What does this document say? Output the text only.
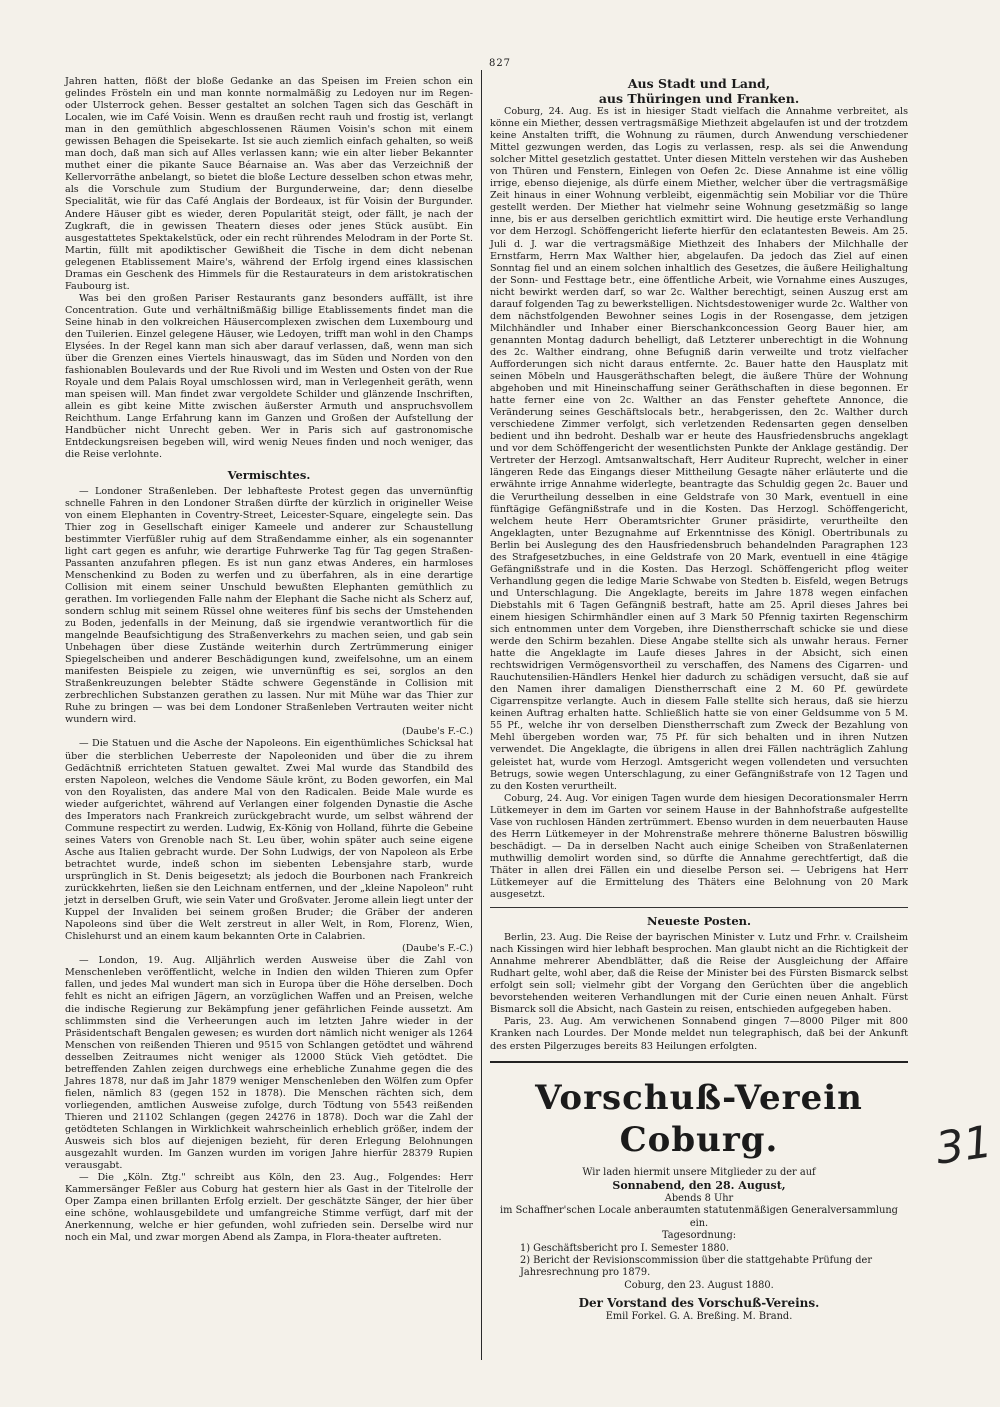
827

Jahren hatten, flößt der bloße Gedanke an das Speisen im Freien schon ein gelindes Frösteln ein und man konnte normalmäßig zu Ledoyen nur im Regen- oder Ulsterrock gehen. Besser gestaltet an solchen Tagen sich das Geschäft in Localen, wie im Café Voisin. Wenn es draußen recht rauh und frostig ist, verlangt man in den gemüthlich abgeschlossenen Räumen Voisin's schon mit einem gewissen Behagen die Speisekarte. Ist sie auch ziemlich einfach gehalten, so weiß man doch, daß man sich auf Alles verlassen kann; wie ein alter lieber Bekannter muthet einer die pikante Sauce Béarnaise an. Was aber das Verzeichniß der Kellervorräthe anbelangt, so bietet die bloße Lecture desselben schon etwas mehr, als die Vorschule zum Studium der Burgunderweine, dar; denn dieselbe Specialität, wie für das Café Anglais der Bordeaux, ist für Voisin der Burgunder. Andere Häuser gibt es wieder, deren Popularität steigt, oder fällt, je nach der Zugkraft, die in gewissen Theatern dieses oder jenes Stück ausübt. Ein ausgestattetes Spektakelstück, oder ein recht rührendes Melodram in der Porte St. Martin, füllt mit apodiktischer Gewißheit die Tische in dem dicht nebenan gelegenen Etablissement Maire's, während der Erfolg irgend eines klassischen Dramas ein Geschenk des Himmels für die Restaurateurs in dem aristokratischen Faubourg ist.

Was bei den großen Pariser Restaurants ganz besonders auffällt, ist ihre Concentration. Gute und verhältnißmäßig billige Etablissements findet man die Seine hinab in den volkreichen Häusercomplexen zwischen dem Luxembourg und den Tuilerien. Einzel gelegene Häuser, wie Ledoyen, trifft man wohl in den Champs Elysées. In der Regel kann man sich aber darauf verlassen, daß, wenn man sich über die Grenzen eines Viertels hinauswagt, das im Süden und Norden von den fashionablen Boulevards und der Rue Rivoli und im Westen und Osten von der Rue Royale und dem Palais Royal umschlossen wird, man in Verlegenheit geräth, wenn man speisen will. Man findet zwar vergoldete Schilder und glänzende Inschriften, allein es gibt keine Mitte zwischen äußerster Armuth und anspruchsvollem Reichthum. Lange Erfahrung kann im Ganzen und Großen der Aufstellung der Handbücher nicht Unrecht geben. Wer in Paris sich auf gastronomische Entdeckungsreisen begeben will, wird wenig Neues finden und noch weniger, das die Reise verlohnte.

Vermischtes.

— Londoner Straßenleben. Der lebhafteste Protest gegen das unvernünftig schnelle Fahren in den Londoner Straßen dürfte der kürzlich in origineller Weise von einem Elephanten in Coventry-Street, Leicester-Square, eingelegte sein. Das Thier zog in Gesellschaft einiger Kameele und anderer zur Schaustellung bestimmter Vierfüßler ruhig auf dem Straßendamme einher, als ein sogenannter light cart gegen es anfuhr, wie derartige Fuhrwerke Tag für Tag gegen Straßen-Passanten anzufahren pflegen. Es ist nun ganz etwas Anderes, ein harmloses Menschenkind zu Boden zu werfen und zu überfahren, als in eine derartige Collision mit einem seiner Unschuld bewußten Elephanten gemüthlich zu gerathen. Im vorliegenden Falle nahm der Elephant die Sache nicht als Scherz auf, sondern schlug mit seinem Rüssel ohne weiteres fünf bis sechs der Umstehenden zu Boden, jedenfalls in der Meinung, daß sie irgendwie verantwortlich für die mangelnde Beaufsichtigung des Straßenverkehrs zu machen seien, und gab sein Unbehagen über diese Zustände weiterhin durch Zertrümmerung einiger Spiegelscheiben und anderer Beschädigungen kund, zweifelsohne, um an einem manifesten Beispiele zu zeigen, wie unvernünftig es sei, sorglos an den Straßenkreuzungen belebter Städte schwere Gegenstände in Collision mit zerbrechlichen Substanzen gerathen zu lassen. Nur mit Mühe war das Thier zur Ruhe zu bringen — was bei dem Londoner Straßenleben Vertrauten weiter nicht wundern wird.

(Daube's F.-C.)

— Die Statuen und die Asche der Napoleons. Ein eigenthümliches Schicksal hat über die sterblichen Ueberreste der Napoleoniden und über die zu ihrem Gedächtniß errichteten Statuen gewaltet. Zwei Mal wurde das Standbild des ersten Napoleon, welches die Vendome Säule krönt, zu Boden geworfen, ein Mal von den Royalisten, das andere Mal von den Radicalen. Beide Male wurde es wieder aufgerichtet, während auf Verlangen einer folgenden Dynastie die Asche des Imperators nach Frankreich zurückgebracht wurde, um selbst während der Commune respectirt zu werden. Ludwig, Ex-König von Holland, führte die Gebeine seines Vaters von Grenoble nach St. Leu über, wohin später auch seine eigene Asche aus Italien gebracht wurde. Der Sohn Ludwigs, der von Napoleon als Erbe betrachtet wurde, indeß schon im siebenten Lebensjahre starb, wurde ursprünglich in St. Denis beigesetzt; als jedoch die Bourbonen nach Frankreich zurückkehrten, ließen sie den Leichnam entfernen, und der „kleine Napoleon" ruht jetzt in derselben Gruft, wie sein Vater und Großvater. Jerome allein liegt unter der Kuppel der Invaliden bei seinem großen Bruder; die Gräber der anderen Napoleons sind über die Welt zerstreut in aller Welt, in Rom, Florenz, Wien, Chislehurst und an einem kaum bekannten Orte in Calabrien.

(Daube's F.-C.)

— London, 19. Aug. Alljährlich werden Ausweise über die Zahl von Menschenleben veröffentlicht, welche in Indien den wilden Thieren zum Opfer fallen, und jedes Mal wundert man sich in Europa über die Höhe derselben. Doch fehlt es nicht an eifrigen Jägern, an vorzüglichen Waffen und an Preisen, welche die indische Regierung zur Bekämpfung jener gefährlichen Feinde aussetzt. Am schlimmsten sind die Verheerungen auch im letzten Jahre wieder in der Präsidentschaft Bengalen gewesen; es wurden dort nämlich nicht weniger als 1264 Menschen von reißenden Thieren und 9515 von Schlangen getödtet und während desselben Zeitraumes nicht weniger als 12000 Stück Vieh getödtet. Die betreffenden Zahlen zeigen durchwegs eine erhebliche Zunahme gegen die des Jahres 1878, nur daß im Jahr 1879 weniger Menschenleben den Wölfen zum Opfer fielen, nämlich 83 (gegen 152 in 1878). Die Menschen rächten sich, dem vorliegenden, amtlichen Ausweise zufolge, durch Tödtung von 5543 reißenden Thieren und 21102 Schlangen (gegen 24276 in 1878). Doch war die Zahl der getödteten Schlangen in Wirklichkeit wahrscheinlich erheblich größer, indem der Ausweis sich blos auf diejenigen bezieht, für deren Erlegung Belohnungen ausgezahlt wurden. Im Ganzen wurden im vorigen Jahre hierfür 28379 Rupien verausgabt.

— Die „Köln. Ztg." schreibt aus Köln, den 23. Aug., Folgendes: Herr Kammersänger Feßler aus Coburg hat gestern hier als Gast in der Titelrolle der Oper Zampa einen brillanten Erfolg erzielt. Der geschätzte Sänger, der hier über eine schöne, wohlausgebildete und umfangreiche Stimme verfügt, darf mit der Anerkennung, welche er hier gefunden, wohl zufrieden sein. Derselbe wird nur noch ein Mal, und zwar morgen Abend als Zampa, in Flora-theater auftreten.

Aus Stadt und Land,
aus Thüringen und Franken.

Coburg, 24. Aug. Es ist in hiesiger Stadt vielfach die Annahme verbreitet, als könne ein Miether, dessen vertragsmäßige Miethzeit abgelaufen ist und der trotzdem keine Anstalten trifft, die Wohnung zu räumen, durch Anwendung verschiedener Mittel gezwungen werden, das Logis zu verlassen, resp. als sei die Anwendung solcher Mittel gesetzlich gestattet. Unter diesen Mitteln verstehen wir das Ausheben von Thüren und Fenstern, Einlegen von Oefen 2c. Diese Annahme ist eine völlig irrige, ebenso diejenige, als dürfe einem Miether, welcher über die vertragsmäßige Zeit hinaus in einer Wohnung verbleibt, eigenmächtig sein Mobiliar vor die Thüre gestellt werden. Der Miether hat vielmehr seine Wohnung gesetzmäßig so lange inne, bis er aus derselben gerichtlich exmittirt wird. Die heutige erste Verhandlung vor dem Herzogl. Schöffengericht lieferte hierfür den eclatantesten Beweis. Am 25. Juli d. J. war die vertragsmäßige Miethzeit des Inhabers der Milchhalle der Ernstfarm, Herrn Max Walther hier, abgelaufen. Da jedoch das Ziel auf einen Sonntag fiel und an einem solchen inhaltlich des Gesetzes, die äußere Heilighaltung der Sonn- und Festtage betr., eine öffentliche Arbeit, wie Vornahme eines Auszuges, nicht bewirkt werden darf, so war 2c. Walther berechtigt, seinen Auszug erst am darauf folgenden Tag zu bewerkstelligen. Nichtsdestoweniger wurde 2c. Walther von dem nächstfolgenden Bewohner seines Logis in der Rosengasse, dem jetzigen Milchhändler und Inhaber einer Bierschankconcession Georg Bauer hier, am genannten Montag dadurch behelligt, daß Letzterer unberechtigt in die Wohnung des 2c. Walther eindrang, ohne Befugniß darin verweilte und trotz vielfacher Aufforderungen sich nicht daraus entfernte. 2c. Bauer hatte den Hausplatz mit seinen Möbeln und Hausgeräthschaften belegt, die äußere Thüre der Wohnung abgehoben und mit Hineinschaffung seiner Geräthschaften in diese begonnen. Er hatte ferner eine von 2c. Walther an das Fenster geheftete Annonce, die Veränderung seines Geschäftslocals betr., herabgerissen, den 2c. Walther durch verschiedene Zimmer verfolgt, sich verletzenden Redensarten gegen denselben bedient und ihn bedroht. Deshalb war er heute des Hausfriedensbruchs angeklagt und vor dem Schöffengericht der wesentlichsten Punkte der Anklage geständig. Der Vertreter der Herzogl. Amtsanwaltschaft, Herr Auditeur Ruprecht, welcher in einer längeren Rede das Eingangs dieser Mittheilung Gesagte näher erläuterte und die erwähnte irrige Annahme widerlegte, beantragte das Schuldig gegen 2c. Bauer und die Verurtheilung desselben in eine Geldstrafe von 30 Mark, eventuell in eine fünftägige Gefängnißstrafe und in die Kosten. Das Herzogl. Schöffengericht, welchem heute Herr Oberamtsrichter Gruner präsidirte, verurtheilte den Angeklagten, unter Bezugnahme auf Erkenntnisse des Königl. Obertribunals zu Berlin bei Auslegung des den Hausfriedensbruch behandelnden Paragraphen 123 des Strafgesetzbuches, in eine Geldstrafe von 20 Mark, eventuell in eine 4tägige Gefängnißstrafe und in die Kosten. Das Herzogl. Schöffengericht pflog weiter Verhandlung gegen die ledige Marie Schwabe von Stedten b. Eisfeld, wegen Betrugs und Unterschlagung. Die Angeklagte, bereits im Jahre 1878 wegen einfachen Diebstahls mit 6 Tagen Gefängniß bestraft, hatte am 25. April dieses Jahres bei einem hiesigen Schirmhändler einen auf 3 Mark 50 Pfennig taxirten Regenschirm sich entnommen unter dem Vorgeben, ihre Dienstherrschaft schicke sie und diese werde den Schirm bezahlen. Diese Angabe stellte sich als unwahr heraus. Ferner hatte die Angeklagte im Laufe dieses Jahres in der Absicht, sich einen rechtswidrigen Vermögensvortheil zu verschaffen, des Namens des Cigarren- und Rauchutensilien-Händlers Henkel hier dadurch zu schädigen versucht, daß sie auf den Namen ihrer damaligen Dienstherrschaft eine 2 M. 60 Pf. gewürdete Cigarrenspitze verlangte. Auch in diesem Falle stellte sich heraus, daß sie hierzu keinen Auftrag erhalten hatte. Schließlich hatte sie von einer Geldsumme von 5 M. 55 Pf., welche ihr von derselben Dienstherrschaft zum Zweck der Bezahlung von Mehl übergeben worden war, 75 Pf. für sich behalten und in ihren Nutzen verwendet. Die Angeklagte, die übrigens in allen drei Fällen nachträglich Zahlung geleistet hat, wurde vom Herzogl. Amtsgericht wegen vollendeten und versuchten Betrugs, sowie wegen Unterschlagung, zu einer Gefängnißstrafe von 12 Tagen und zu den Kosten verurtheilt.

Coburg, 24. Aug. Vor einigen Tagen wurde dem hiesigen Decorationsmaler Herrn Lütkemeyer in dem im Garten vor seinem Hause in der Bahnhofstraße aufgestellte Vase von ruchlosen Händen zertrümmert. Ebenso wurden in dem neuerbauten Hause des Herrn Lütkemeyer in der Mohrenstraße mehrere thönerne Balustren böswillig beschädigt. — Da in derselben Nacht auch einige Scheiben von Straßenlaternen muthwillig demolirt worden sind, so dürfte die Annahme gerechtfertigt, daß die Thäter in allen drei Fällen ein und dieselbe Person sei. — Uebrigens hat Herr Lütkemeyer auf die Ermittelung des Thäters eine Belohnung von 20 Mark ausgesetzt.

Neueste Posten.

Berlin, 23. Aug. Die Reise der bayrischen Minister v. Lutz und Frhr. v. Crailsheim nach Kissingen wird hier lebhaft besprochen. Man glaubt nicht an die Richtigkeit der Annahme mehrerer Abendblätter, daß die Reise der Ausgleichung der Affaire Rudhart gelte, wohl aber, daß die Reise der Minister bei des Fürsten Bismarck selbst erfolgt sein soll; vielmehr gibt der Vorgang den Gerüchten über die angeblich bevorstehenden weiteren Verhandlungen mit der Curie einen neuen Anhalt. Fürst Bismarck soll die Absicht, nach Gastein zu reisen, entschieden aufgegeben haben.

Paris, 23. Aug. Am verwichenen Sonnabend gingen 7—8000 Pilger mit 800 Kranken nach Lourdes. Der Monde meldet nun telegraphisch, daß bei der Ankunft des ersten Pilgerzuges bereits 83 Heilungen erfolgten.

Vorschuß-Verein Coburg.
Wir laden hiermit unsere Mitglieder zu der auf
Sonnabend, den 28. August,
Abends 8 Uhr
im Schaffner'schen Locale anberaumten statutenmäßigen Generalversammlung ein.
Tagesordnung:
1) Geschäftsbericht pro I. Semester 1880.
2) Bericht der Revisionscommission über die stattgehabte Prüfung der Jahresrechnung pro 1879.
Coburg, den 23. August 1880.
Der Vorstand des Vorschuß-Vereins.
Emil Forkel. G. A. Breßing. M. Brand.
31
